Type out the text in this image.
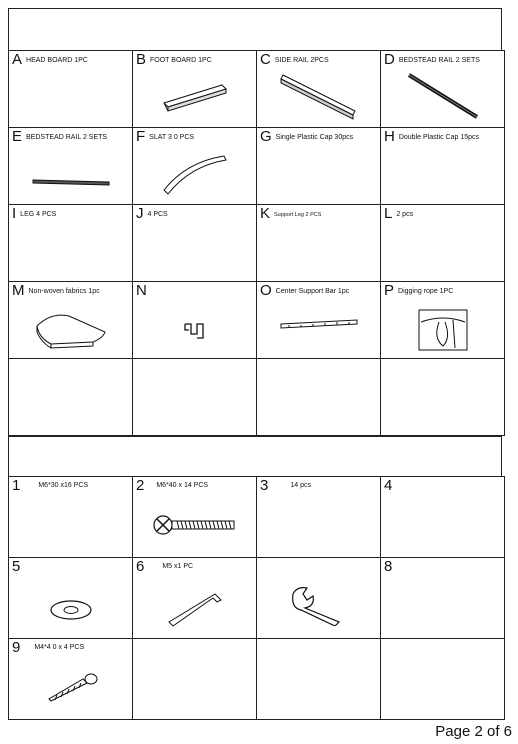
A HEAD BOARD 1PC	B FOOT BOARD 1PC	C SIDE RAIL 2PCS	D BEDSTEAD RAIL 2 SETS

E BEDSTEAD RAIL 2 SETS	F SLAT 3 0 PCS	G Single Plastic Cap 30pcs	H Double Plastic Cap 15pcs

I LEG 4 PCS	J 4 PCS	K Support Leg 2 PCS	L 2 pcs

M Non-woven fabrics 1pc	N	O Center Support Bar 1pc	P Digging rope 1PC

1 M6*30 x16 PCS	2 M6*40 x 14 PCS	3 14 pcs	4

5	6 M5 x1 PC		8

9 M4*4 0 x 4 PCS			

Page 2 of 6
